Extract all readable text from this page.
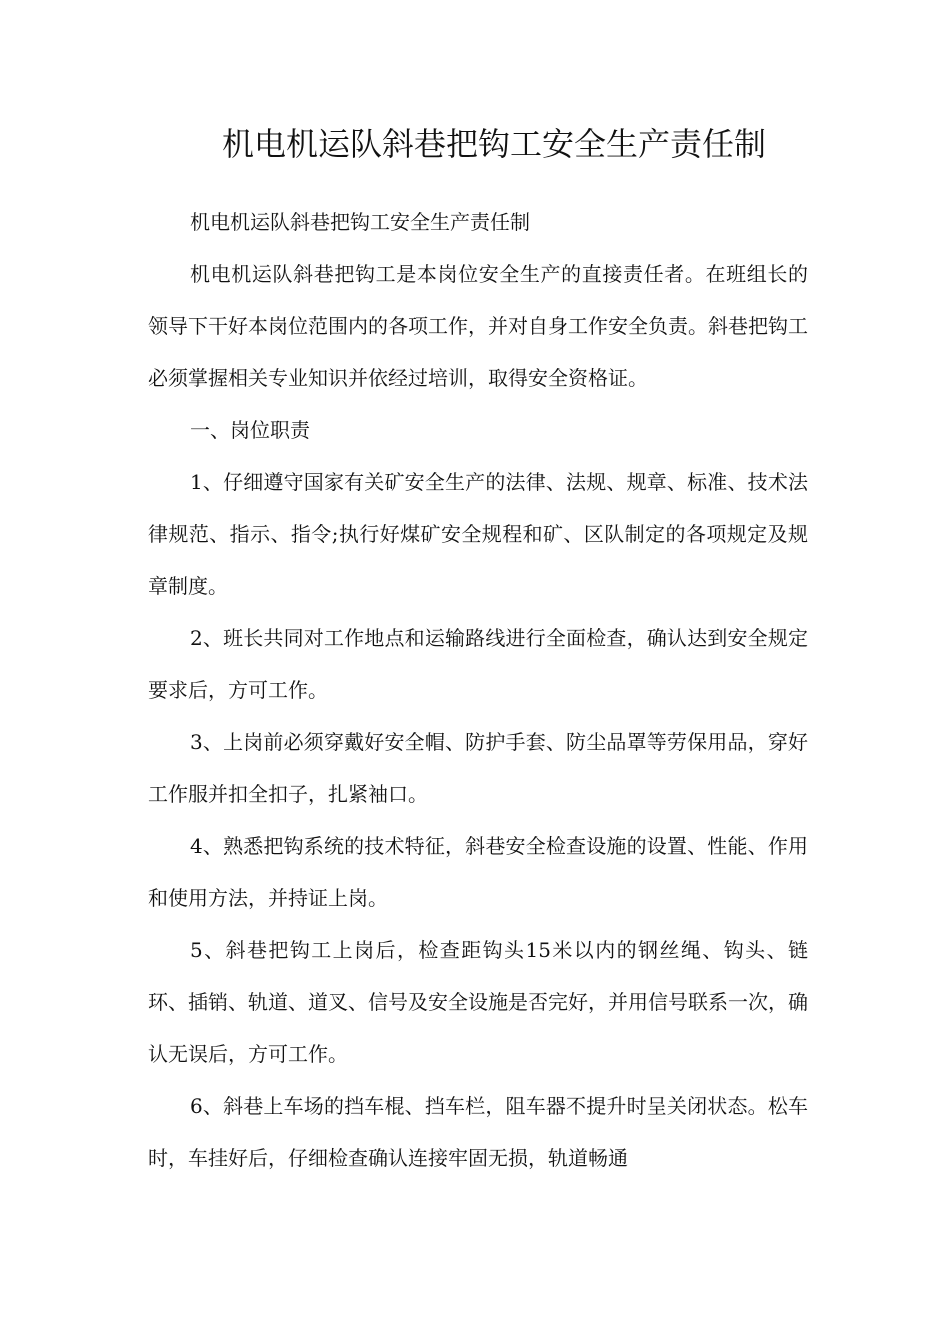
机电机运队斜巷把钩工安全生产责任制

机电机运队斜巷把钩工安全生产责任制

机电机运队斜巷把钩工是本岗位安全生产的直接责任者。在班组长的领导下干好本岗位范围内的各项工作，并对自身工作安全负责。斜巷把钩工必须掌握相关专业知识并依经过培训，取得安全资格证。

一、岗位职责

1、仔细遵守国家有关矿安全生产的法律、法规、规章、标准、技术法律规范、指示、指令;执行好煤矿安全规程和矿、区队制定的各项规定及规章制度。

2、班长共同对工作地点和运输路线进行全面检查，确认达到安全规定要求后，方可工作。

3、上岗前必须穿戴好安全帽、防护手套、防尘品罩等劳保用品，穿好工作服并扣全扣子，扎紧袖口。

4、熟悉把钩系统的技术特征，斜巷安全检查设施的设置、性能、作用和使用方法，并持证上岗。

5、斜巷把钩工上岗后，检查距钩头15米以内的钢丝绳、钩头、链环、插销、轨道、道叉、信号及安全设施是否完好，并用信号联系一次，确认无误后，方可工作。

6、斜巷上车场的挡车棍、挡车栏，阻车器不提升时呈关闭状态。松车时，车挂好后，仔细检查确认连接牢固无损，轨道畅通
